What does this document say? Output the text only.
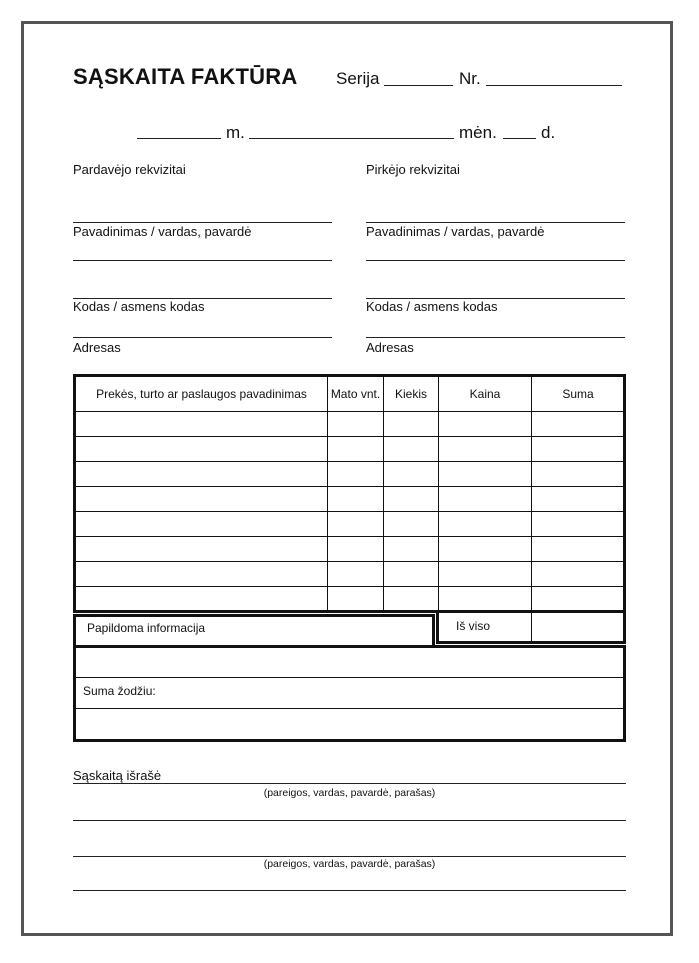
SĄSKAITA FAKTŪRA Serija	Nr.
m.	mėn.	d.
Pardavėjo rekvizitai
Pavadinimas / vardas, pavardė
Kodas / asmens kodas
Adresas
Pirkėjo rekvizitai
Pavadinimas / vardas, pavardė
Kodas / asmens kodas
Adresas
Prekės, turto ar paslaugos pavadinimas	Mato vnt.	Kiekis	Kaina	Suma
Iš viso
Papildoma informacija
Suma žodžiu:
Sąskaitą išrašė
(pareigos, vardas, pavardė, parašas)
(pareigos, vardas, pavardė, parašas)
